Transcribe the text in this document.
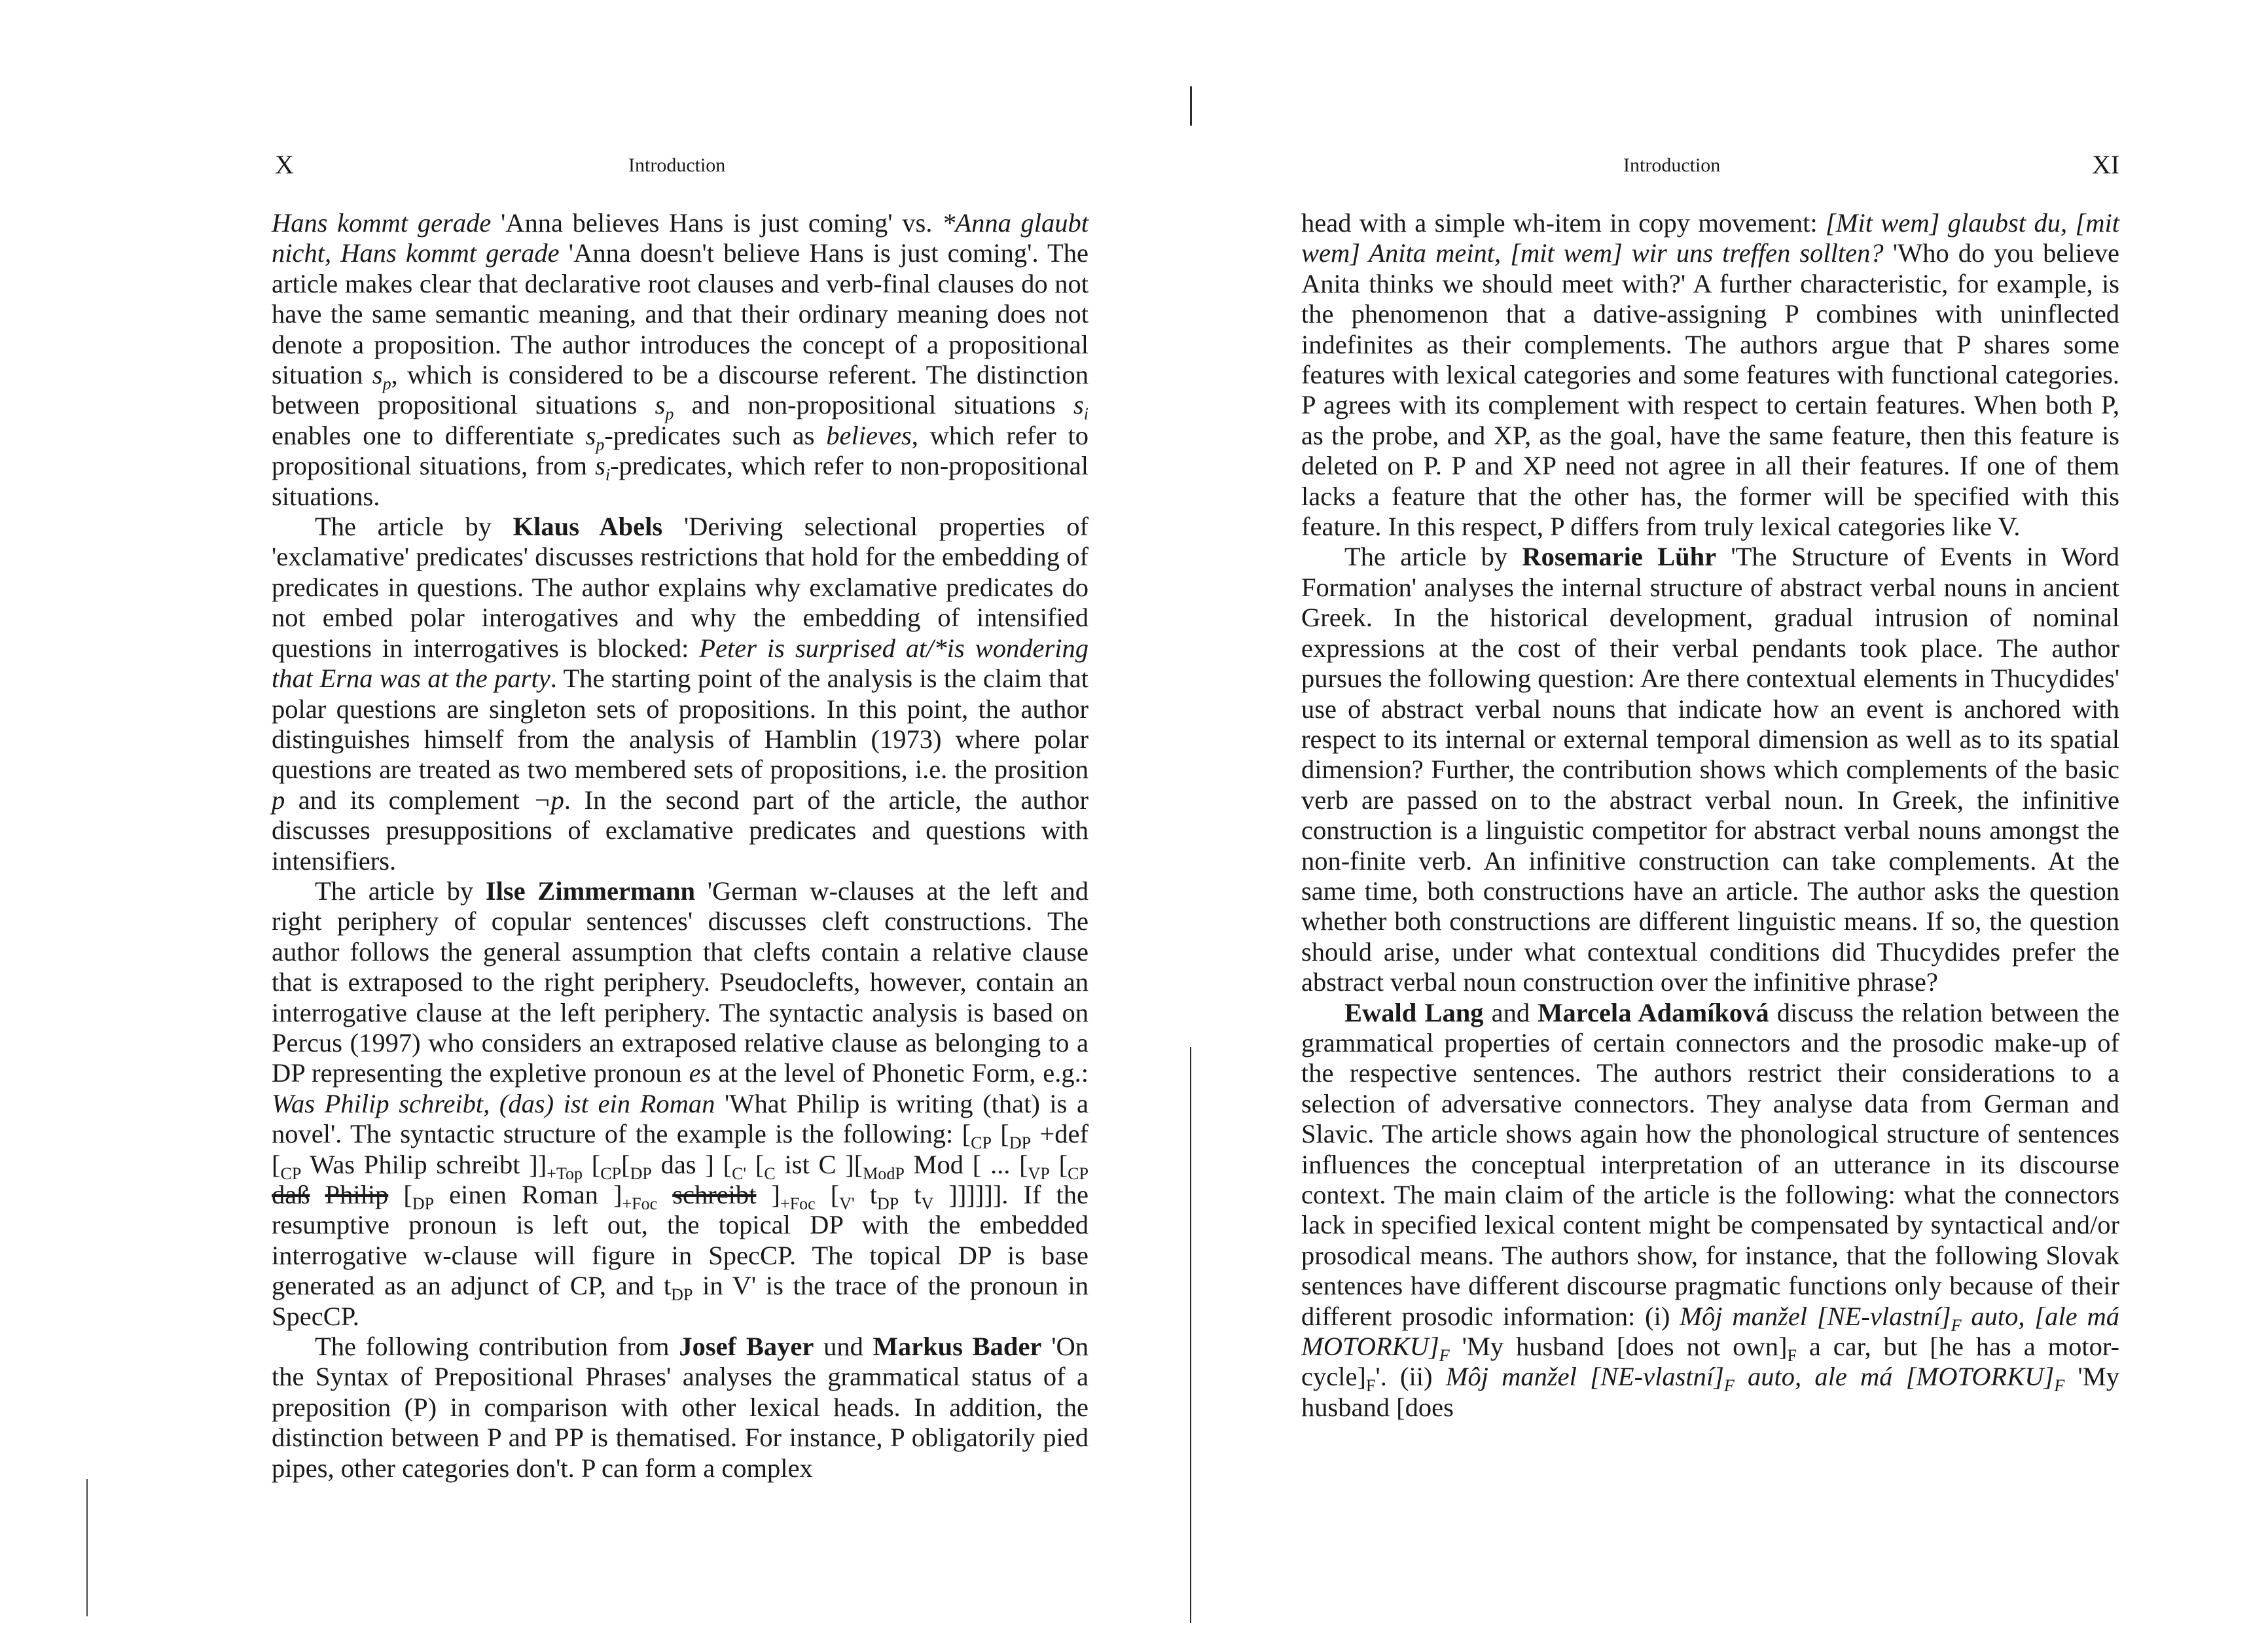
X	Introduction

Hans kommt gerade 'Anna believes Hans is just coming' vs. *Anna glaubt nicht, Hans kommt gerade 'Anna doesn't believe Hans is just coming'. The article makes clear that declarative root clauses and verb-final clauses do not have the same semantic meaning, and that their ordinary meaning does not denote a proposition. The author introduces the concept of a propositional situation $s_p$, which is considered to be a discourse referent. The distinction between propositional situations $s_p$ and non-propositional situations $s_i$ enables one to differentiate $s_p$-predicates such as believes, which refer to propositional situations, from $s_i$-predicates, which refer to non-propositional situations.

The article by Klaus Abels 'Deriving selectional properties of 'exclamative' predicates' discusses restrictions that hold for the embedding of predicates in questions. The author explains why exclamative predicates do not embed polar interogatives and why the embedding of intensified questions in interrogatives is blocked: Peter is surprised at/*is wondering that Erna was at the party. The starting point of the analysis is the claim that polar questions are singleton sets of propositions. In this point, the author distinguishes himself from the analysis of Hamblin (1973) where polar questions are treated as two membered sets of propositions, i.e. the prosition p and its complement ¬p. In the second part of the article, the author discusses presuppositions of exclamative predicates and questions with intensifiers.

The article by Ilse Zimmermann 'German w-clauses at the left and right periphery of copular sentences' discusses cleft constructions. The author follows the general assumption that clefts contain a relative clause that is extraposed to the right periphery. Pseudoclefts, however, contain an interrogative clause at the left periphery. The syntactic analysis is based on Percus (1997) who considers an extraposed relative clause as belonging to a DP representing the expletive pronoun es at the level of Phonetic Form, e.g.: Was Philip schreibt, (das) ist ein Roman 'What Philip is writing (that) is a novel'. The syntactic structure of the example is the following: [$_{CP}$ [$_{DP} +def$ [$_{CP}$ Was Philip schreibt ]]$_{+Top}$ [$_{CP}[_{DP}$ das ] [$_{C'}$ [$_C$ ist C ][$_{ModP}$ Mod [ ... [$_{VP}$ [$_{CP}$ daß Philip [$_{DP}$ einen Roman ]$_{+Foc}$ schreibt ]$_{+Foc}$ [$_{V'}$ $t_{DP}$ $t_V$ ]]]]]]. If the resumptive pronoun is left out, the topical DP with the embedded interrogative w-clause will figure in SpecCP. The topical DP is base generated as an adjunct of CP, and $t_{DP}$ in V' is the trace of the pronoun in SpecCP.

The following contribution from Josef Bayer und Markus Bader 'On the Syntax of Prepositional Phrases' analyses the grammatical status of a preposition (P) in comparison with other lexical heads. In addition, the distinction between P and PP is thematised. For instance, P obligatorily pied pipes, other categories don't. P can form a complex

Introduction	XI

head with a simple wh-item in copy movement: [Mit wem] glaubst du, [mit wem] Anita meint, [mit wem] wir uns treffen sollten? 'Who do you believe Anita thinks we should meet with?' A further characteristic, for example, is the phenomenon that a dative-assigning P combines with uninflected indefinites as their complements. The authors argue that P shares some features with lexical categories and some features with functional categories. P agrees with its complement with respect to certain features. When both P, as the probe, and XP, as the goal, have the same feature, then this feature is deleted on P. P and XP need not agree in all their features. If one of them lacks a feature that the other has, the former will be specified with this feature. In this respect, P differs from truly lexical categories like V.

The article by Rosemarie Lühr 'The Structure of Events in Word Formation' analyses the internal structure of abstract verbal nouns in ancient Greek. In the historical development, gradual intrusion of nominal expressions at the cost of their verbal pendants took place. The author pursues the following question: Are there contextual elements in Thucydides' use of abstract verbal nouns that indicate how an event is anchored with respect to its internal or external temporal dimension as well as to its spatial dimension? Further, the contribution shows which complements of the basic verb are passed on to the abstract verbal noun. In Greek, the infinitive construction is a linguistic competitor for abstract verbal nouns amongst the non-finite verb. An infinitive construction can take complements. At the same time, both constructions have an article. The author asks the question whether both constructions are different linguistic means. If so, the question should arise, under what contextual conditions did Thucydides prefer the abstract verbal noun construction over the infinitive phrase?

Ewald Lang and Marcela Adamíková discuss the relation between the grammatical properties of certain connectors and the prosodic make-up of the respective sentences. The authors restrict their considerations to a selection of adversative connectors. They analyse data from German and Slavic. The article shows again how the phonological structure of sentences influences the conceptual interpretation of an utterance in its discourse context. The main claim of the article is the following: what the connectors lack in specified lexical content might be compensated by syntactical and/or prosodical means. The authors show, for instance, that the following Slovak sentences have different discourse pragmatic functions only because of their different prosodic information: (i) Môj manžel $[NE-vlastní]_F$ auto, [ale má $MOTORKU]_F$ 'My husband [does not $own]_F$ a car, but [he has a motor-$cycle]_F'$. (ii) Môj manžel $[NE-vlastní]_F$ auto, ale má $[MOTORKU]_F$ 'My husband [does
